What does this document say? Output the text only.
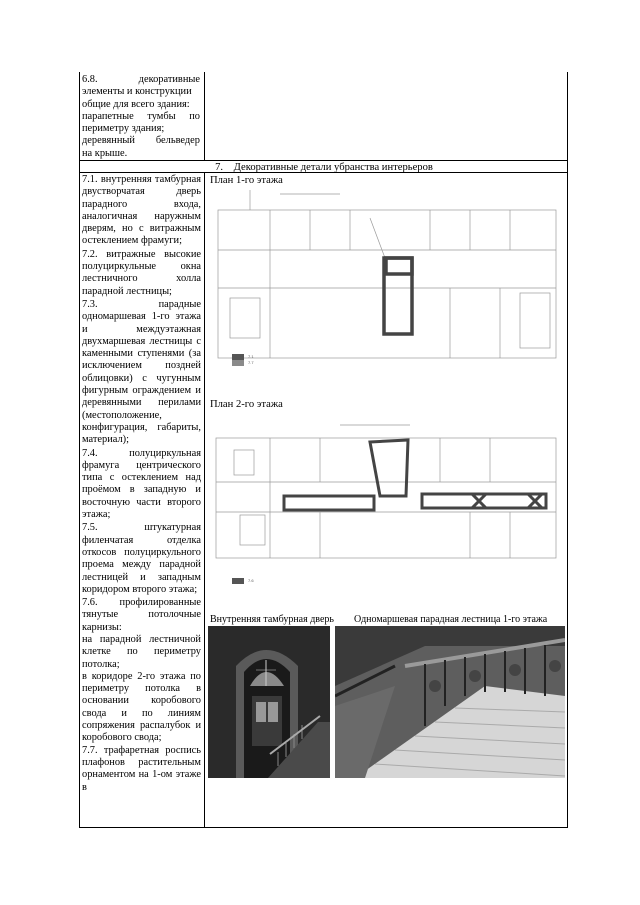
6.8. декоративные

элементы и конструкции

общие для всего здания:

парапетные тумбы по

периметру здания;

деревянный бельведер

на крыше.

7. Декоративные детали убранства интерьеров

7.1. внутренняя тамбурная двустворчатая дверь парадного входа, аналогичная наружным дверям, но с витражным остеклением фрамуги;

7.2. витражные высокие полуциркульные окна лестничного холла парадной лестницы;

7.3. парадные одномаршевая 1-го этажа и междуэтажная двухмаршевая лестницы с каменными ступенями (за исключением поздней облицовки) с чугунным фигурным ограждением и деревянными перилами (местоположение, конфигурация, габариты, материал);

7.4. полуциркульная фрамуга центрического типа с остеклением над проёмом в западную и восточную части второго этажа;

7.5. штукатурная филенчатая отделка откосов полуциркульного проема между парадной лестницей и западным коридором второго этажа;

7.6. профилированные тянутые потолочные карнизы:

на парадной лестничной клетке по периметру потолка;

в коридоре 2-го этажа по периметру потолка в основании коробового свода и по линиям сопряжения распалубок и коробового свода;

7.7. трафаретная роспись плафонов растительным орнаментом на 1-ом этаже в

План 1-го этажа
7.1
7.7
План 2-го этажа
7.6
Внутренняя тамбурная дверь Одномаршевая парадная лестница 1-го этажа
